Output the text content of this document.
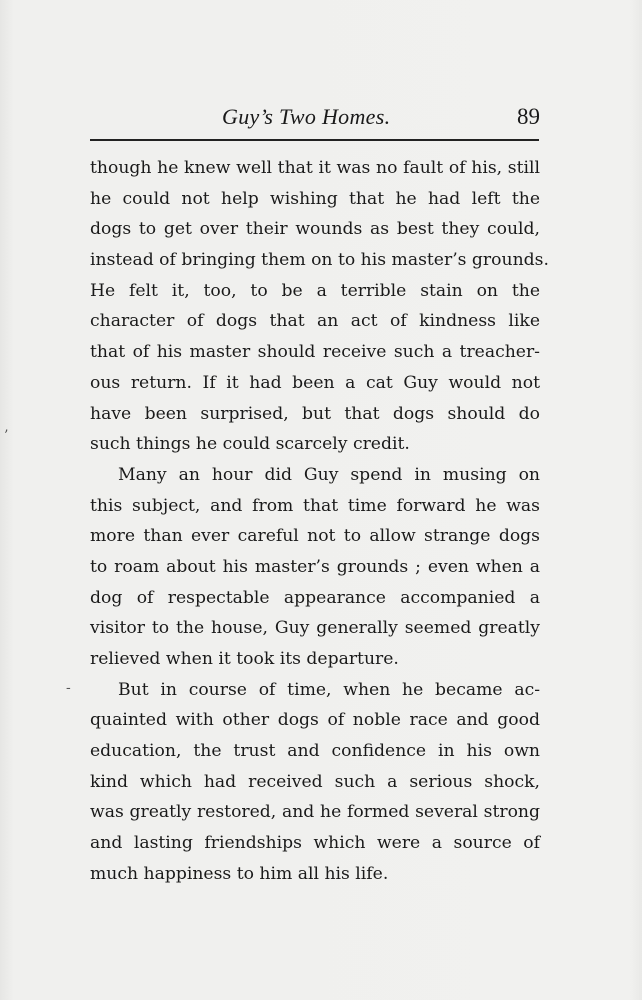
Guy’s Two Homes.	89
though he knew well that it was no fault of his, still
he could not help wishing that he had left the
dogs to get over their wounds as best they could,
instead of bringing them on to his master’s grounds.
He felt it, too, to be a terrible stain on the
character of dogs that an act of kindness like
that of his master should receive such a treacher-
ous return. If it had been a cat Guy would not
have been surprised, but that dogs should do
such things he could scarcely credit.
Many an hour did Guy spend in musing on
this subject, and from that time forward he was
more than ever careful not to allow strange dogs
to roam about his master’s grounds ; even when a
dog of respectable appearance accompanied a
visitor to the house, Guy generally seemed greatly
relieved when it took its departure.
But in course of time, when he became ac-
quainted with other dogs of noble race and good
education, the trust and confidence in his own
kind which had received such a serious shock,
was greatly restored, and he formed several strong
and lasting friendships which were a source of
much happiness to him all his life.
’
-
